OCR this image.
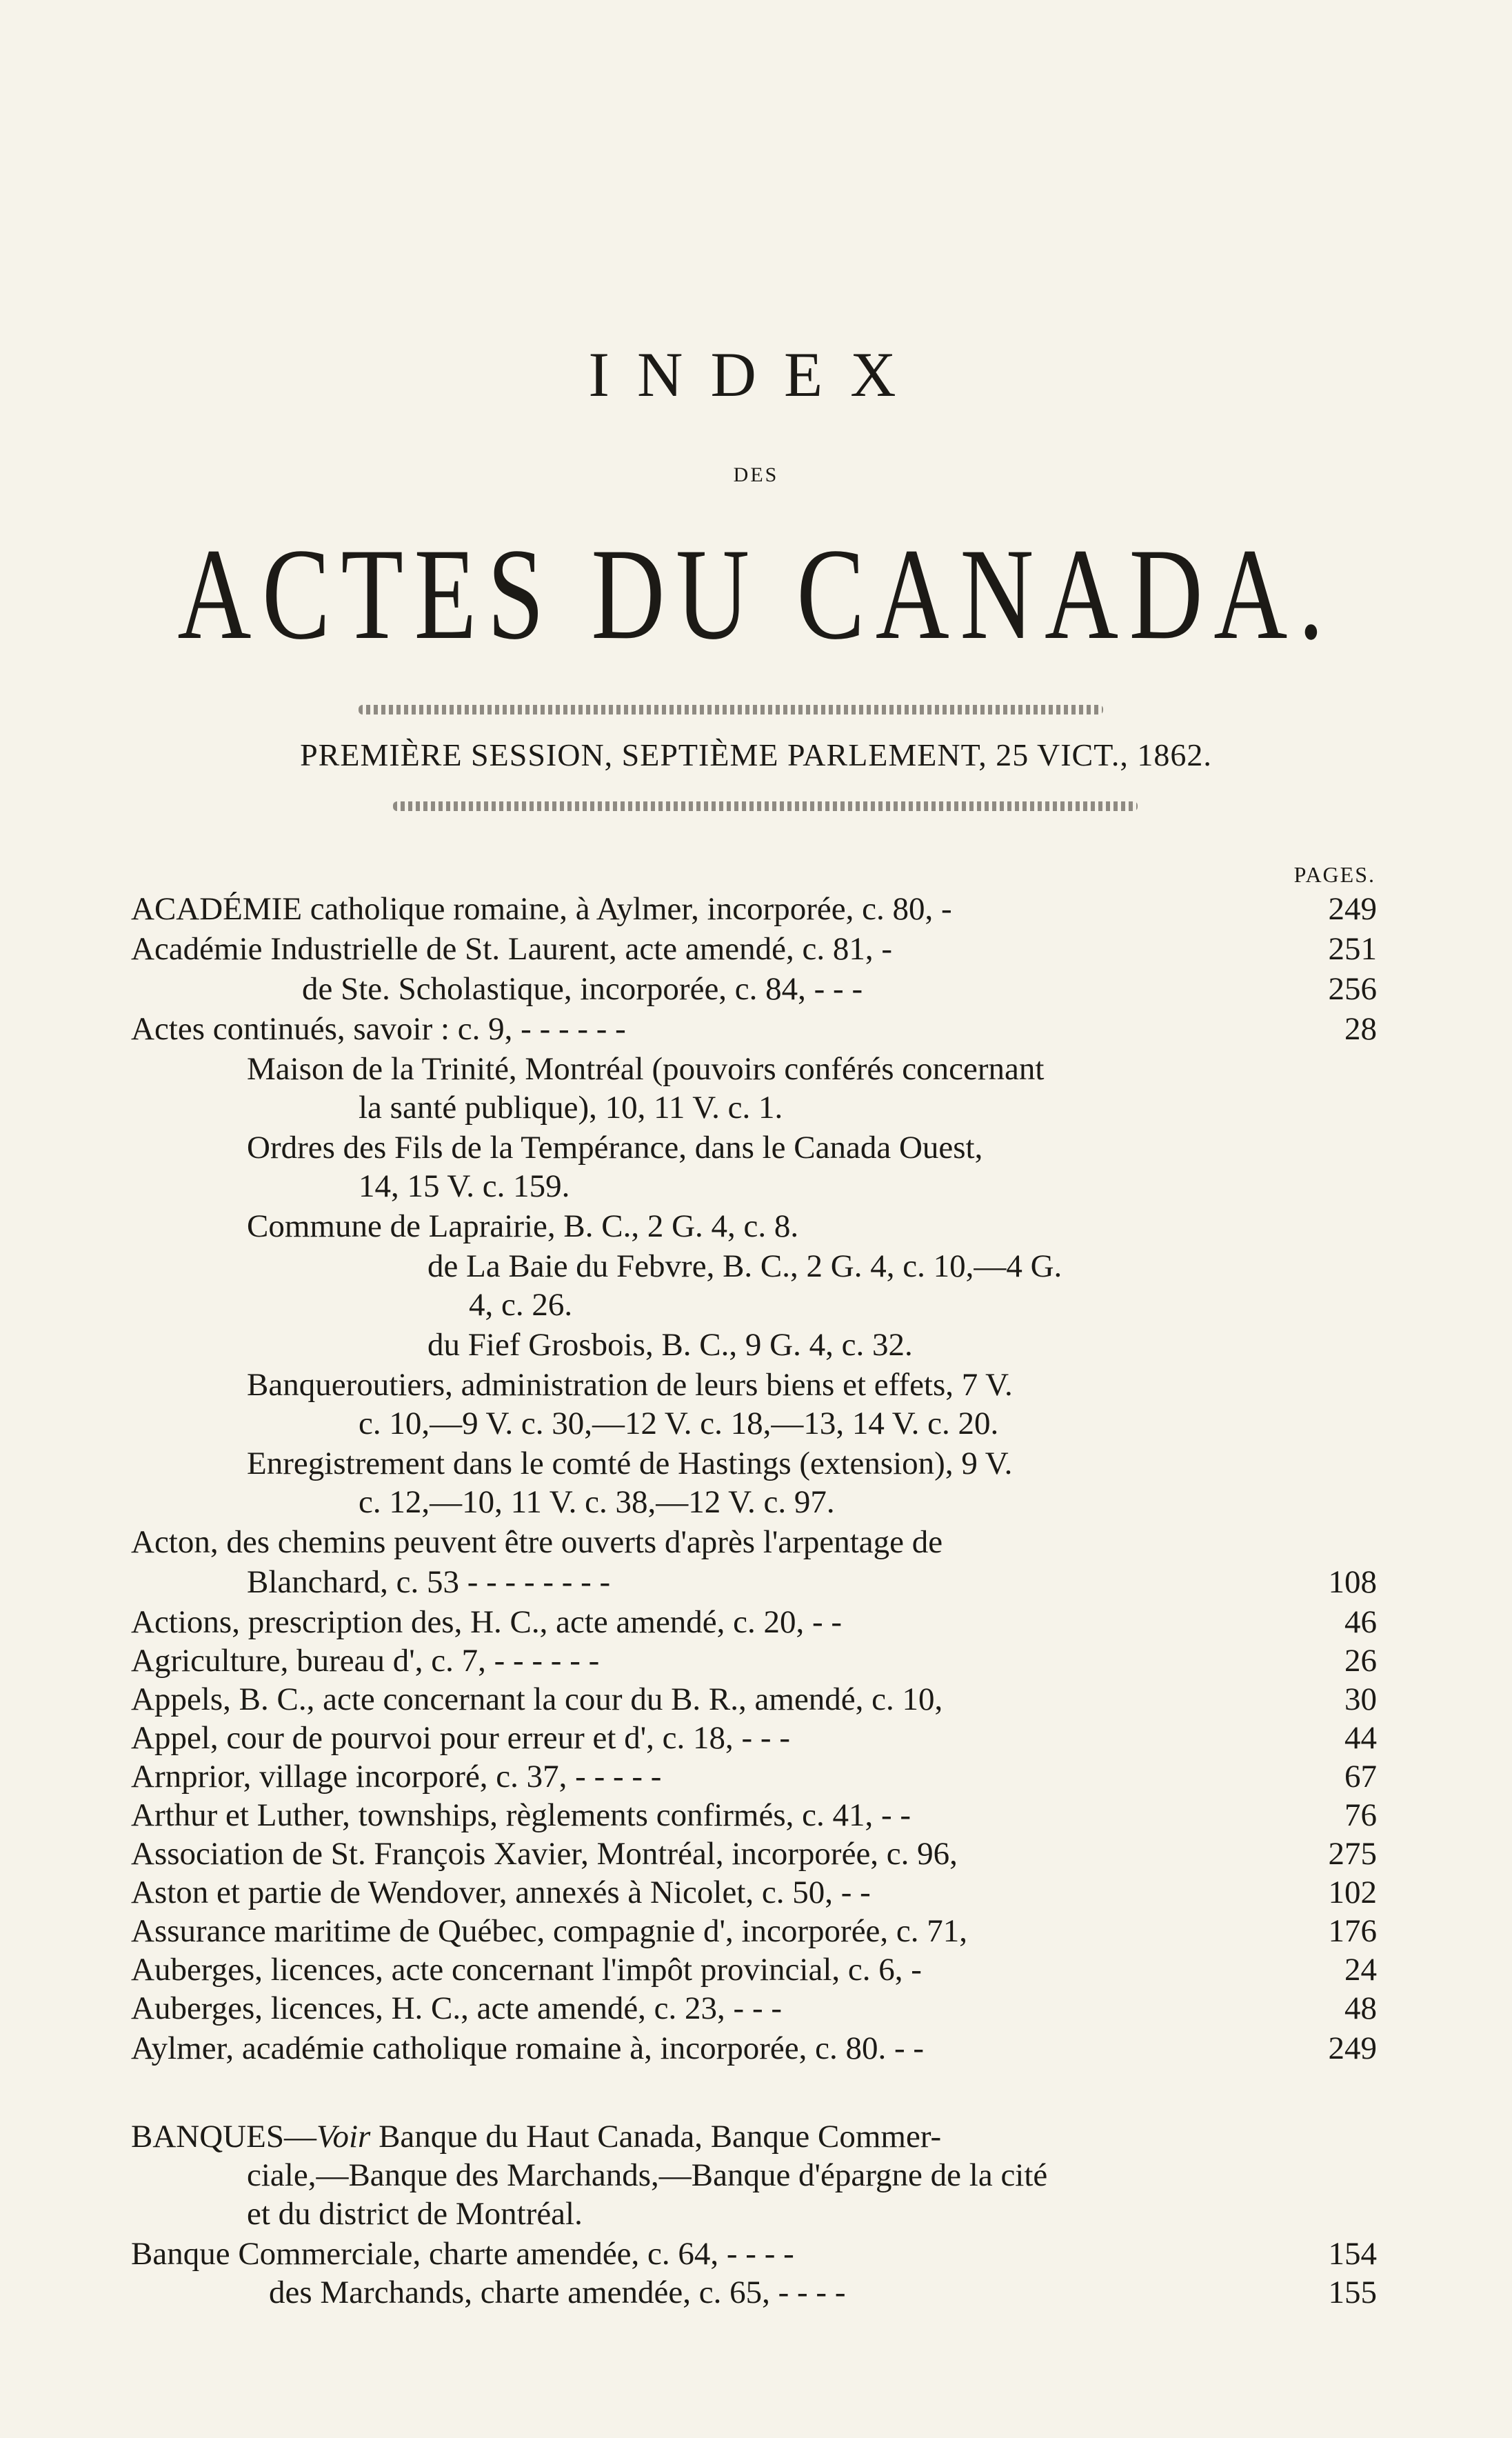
INDEX
DES
ACTES DU CANADA.
PREMIÈRE SESSION, SEPTIÈME PARLEMENT, 25 VICT., 1862.
PAGES.
ACADÉMIE catholique romaine, à Aylmer, incorporée, c. 80, -	249
Académie Industrielle de St. Laurent, acte amendé, c. 81, -	251
de Ste. Scholastique, incorporée, c. 84, - - -	256
Actes continués, savoir : c. 9, - - - - - -	28
Maison de la Trinité, Montréal (pouvoirs conférés concernant
la santé publique), 10, 11 V. c. 1.
Ordres des Fils de la Tempérance, dans le Canada Ouest,
14, 15 V. c. 159.
Commune de Laprairie, B. C., 2 G. 4, c. 8.
de La Baie du Febvre, B. C., 2 G. 4, c. 10,—4 G.
4, c. 26.
du Fief Grosbois, B. C., 9 G. 4, c. 32.
Banqueroutiers, administration de leurs biens et effets, 7 V.
c. 10,—9 V. c. 30,—12 V. c. 18,—13, 14 V. c. 20.
Enregistrement dans le comté de Hastings (extension), 9 V.
c. 12,—10, 11 V. c. 38,—12 V. c. 97.
Acton, des chemins peuvent être ouverts d'après l'arpentage de
Blanchard, c. 53 - - - - - - - -	108
Actions, prescription des, H. C., acte amendé, c. 20, - -	46
Agriculture, bureau d', c. 7, - - - - - -	26
Appels, B. C., acte concernant la cour du B. R., amendé, c. 10,	30
Appel, cour de pourvoi pour erreur et d', c. 18, - - -	44
Arnprior, village incorporé, c. 37, - - - - -	67
Arthur et Luther, townships, règlements confirmés, c. 41, - -	76
Association de St. François Xavier, Montréal, incorporée, c. 96,	275
Aston et partie de Wendover, annexés à Nicolet, c. 50, - -	102
Assurance maritime de Québec, compagnie d', incorporée, c. 71,	176
Auberges, licences, acte concernant l'impôt provincial, c. 6, -	24
Auberges, licences, H. C., acte amendé, c. 23, - - -	48
Aylmer, académie catholique romaine à, incorporée, c. 80. - -	249
BANQUES—Voir Banque du Haut Canada, Banque Commer-
ciale,—Banque des Marchands,—Banque d'épargne de la cité
et du district de Montréal.
Banque Commerciale, charte amendée, c. 64, - - - -	154
des Marchands, charte amendée, c. 65, - - - -	155
